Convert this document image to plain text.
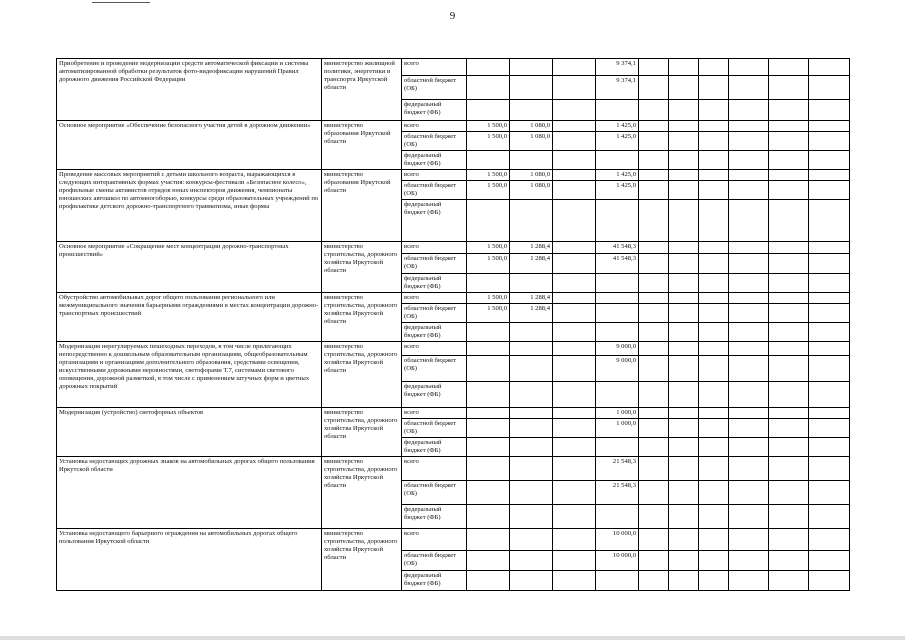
9
Приобретение и проведение модернизации средств автоматической фиксации и системы автоматизированной обработки результатов фото-видеофиксации нарушений Правил дорожного движения Российской Федерации	министерство жилищной политики, энергетики и транспорта Иркутской области	всего				9 374,1						
		областной бюджет (ОБ)				9 374,1						
		федеральный бюджет (ФБ)										
Основное мероприятие «Обеспечение безопасного участия детей в дорожном движении»	министерство образования Иркутской области	всего	1 500,0	1 080,0		1 425,0						
		областной бюджет (ОБ)	1 500,0	1 080,0		1 425,0						
		федеральный бюджет (ФБ)										
Проведение массовых мероприятий с детьми школьного возраста, выражающихся в следующих интерактивных формах участия: конкурсы-фестивали «Безопасное колесо», профильные смены активистов отрядов юных инспекторов движения, чемпионаты юношеских автошкол по автомногоборью, конкурсы среди образовательных учреждений по профилактике детского дорожно-транспортного травматизма, иные формы	министерство образования Иркутской области	всего	1 500,0	1 080,0		1 425,0						
		областной бюджет (ОБ)	1 500,0	1 080,0		1 425,0						
		федеральный бюджет (ФБ)										
Основное мероприятие «Сокращение мест концентрации дорожно-транспортных происшествий»	министерство строительства, дорожного хозяйства Иркутской области	всего	1 500,0	1 288,4		41 548,3						
		областной бюджет (ОБ)	1 500,0	1 288,4		41 548,3						
		федеральный бюджет (ФБ)										
Обустройство автомобильных дорог общего пользования регионального или межмуниципального значения барьерными ограждениями в местах концентрации дорожно-транспортных происшествий	министерство строительства, дорожного хозяйства Иркутской области	всего	1 500,0	1 288,4								
		областной бюджет (ОБ)	1 500,0	1 288,4								
		федеральный бюджет (ФБ)										
Модернизация нерегулируемых пешеходных переходов, в том числе прилегающих непосредственно к дошкольным образовательным организациям, общеобразовательным организациям и организациям дополнительного образования, средствами освещения, искусственными дорожными неровностями, светофорами Т.7, системами светового оповещения, дорожной разметкой, в том числе с применением штучных форм и цветных дорожных покрытий	министерство строительства, дорожного хозяйства Иркутской области	всего				9 000,0						
		областной бюджет (ОБ)				9 000,0						
		федеральный бюджет (ФБ)										
Модернизация (устройство) светофорных объектов	министерство строительства, дорожного хозяйства Иркутской области	всего				1 000,0						
		областной бюджет (ОБ)				1 000,0						
		федеральный бюджет (ФБ)										
Установка недостающих дорожных знаков на автомобильных дорогах общего пользования Иркутской области	министерство строительства, дорожного хозяйства Иркутской области	всего				21 548,3						
		областной бюджет (ОБ)				21 548,3						
		федеральный бюджет (ФБ)										
Установка недостающего барьерного ограждения на автомобильных дорогах общего пользования Иркутской области	министерство строительства, дорожного хозяйства Иркутской области	всего				10 000,0						
		областной бюджет (ОБ)				10 000,0						
		федеральный бюджет (ФБ)										
